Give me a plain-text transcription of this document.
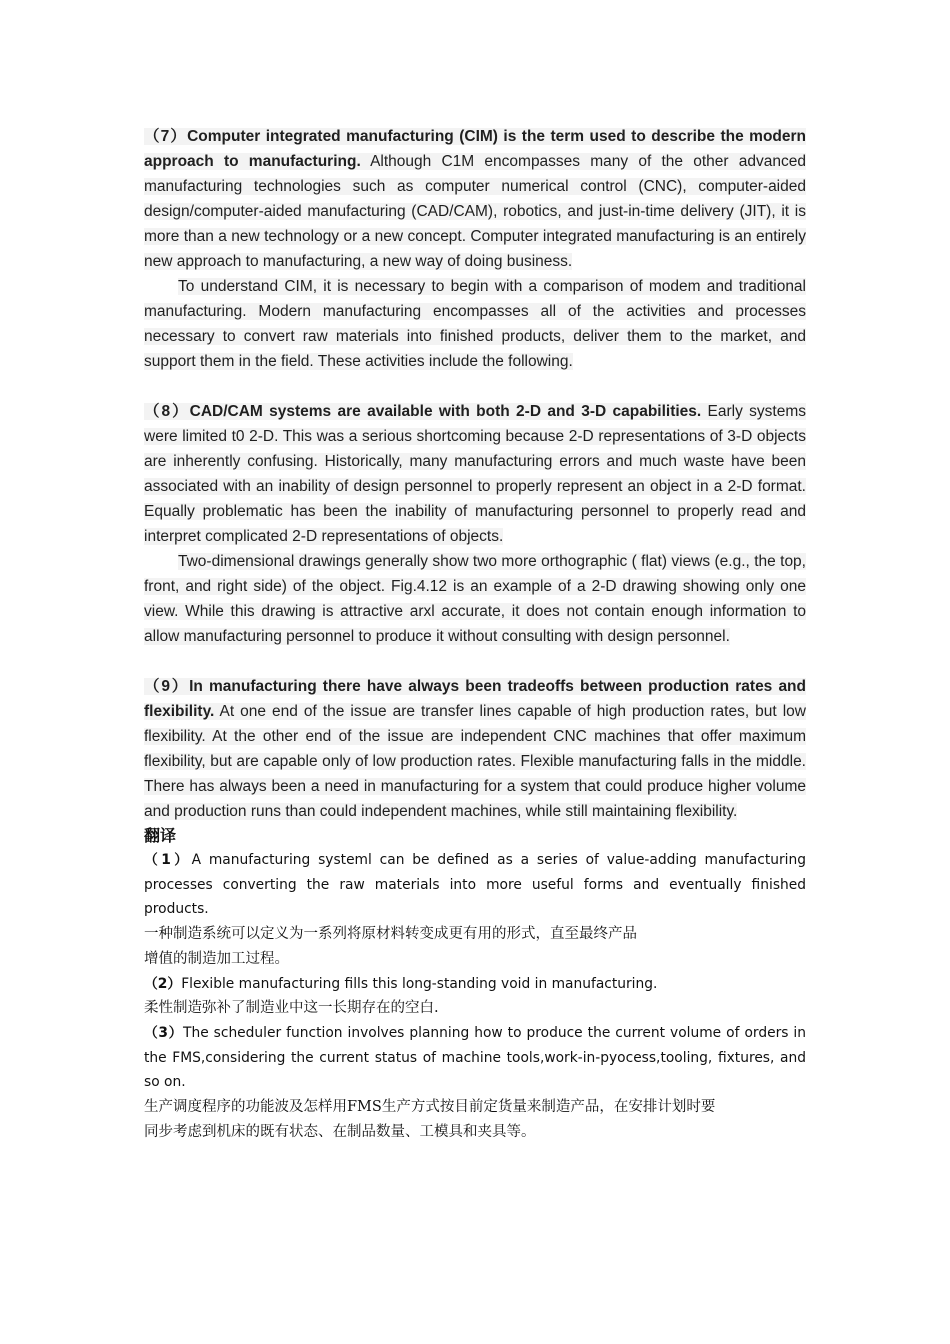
（7）Computer integrated manufacturing (CIM) is the term used to describe the modern approach to manufacturing. Although C1M encompasses many of the other advanced manufacturing technologies such as computer numerical control (CNC), computer-aided design/computer-aided manufacturing (CAD/CAM), robotics, and just-in-time delivery (JIT), it is more than a new technology or a new concept. Computer integrated manufacturing is an entirely new approach to manufacturing, a new way of doing business.

To understand CIM, it is necessary to begin with a comparison of modem and traditional manufacturing. Modern manufacturing encompasses all of the activities and processes necessary to convert raw materials into finished products, deliver them to the market, and support them in the field. These activities include the following.

（8）CAD/CAM systems are available with both 2-D and 3-D capabilities. Early systems were limited t0 2-D. This was a serious shortcoming because 2-D representations of 3-D objects are inherently confusing. Historically, many manufacturing errors and much waste have been associated with an inability of design personnel to properly represent an object in a 2-D format. Equally problematic has been the inability of manufacturing personnel to properly read and interpret complicated 2-D representations of objects.

Two-dimensional drawings generally show two more orthographic ( flat) views (e.g., the top, front, and right side) of the object. Fig.4.12 is an example of a 2-D drawing showing only one view. While this drawing is attractive arxl accurate, it does not contain enough information to allow manufacturing personnel to produce it without consulting with design personnel.

（9）In manufacturing there have always been tradeoffs between production rates and flexibility. At one end of the issue are transfer lines capable of high production rates, but low flexibility. At the other end of the issue are independent CNC machines that offer maximum flexibility, but are capable only of low production rates. Flexible manufacturing falls in the middle. There has always been a need in manufacturing for a system that could produce higher volume and production runs than could independent machines, while still maintaining flexibility.

翻译

（1）A manufacturing systeml can be defined as a series of value-adding manufacturing processes converting the raw materials into more useful forms and eventually finished products.

一种制造系统可以定义为一系列将原材料转变成更有用的形式，直至最终产品

增值的制造加工过程。

（2）Flexible manufacturing fills this long-standing void in manufacturing.

柔性制造弥补了制造业中这一长期存在的空白.

（3）The scheduler function involves planning how to produce the current volume of orders in the FMS,considering the current status of machine tools,work-in-pyocess,tooling, fixtures, and so on.

生产调度程序的功能波及怎样用FMS生产方式按目前定货量来制造产品，在安排计划时要

同步考虑到机床的既有状态、在制品数量、工模具和夹具等。
